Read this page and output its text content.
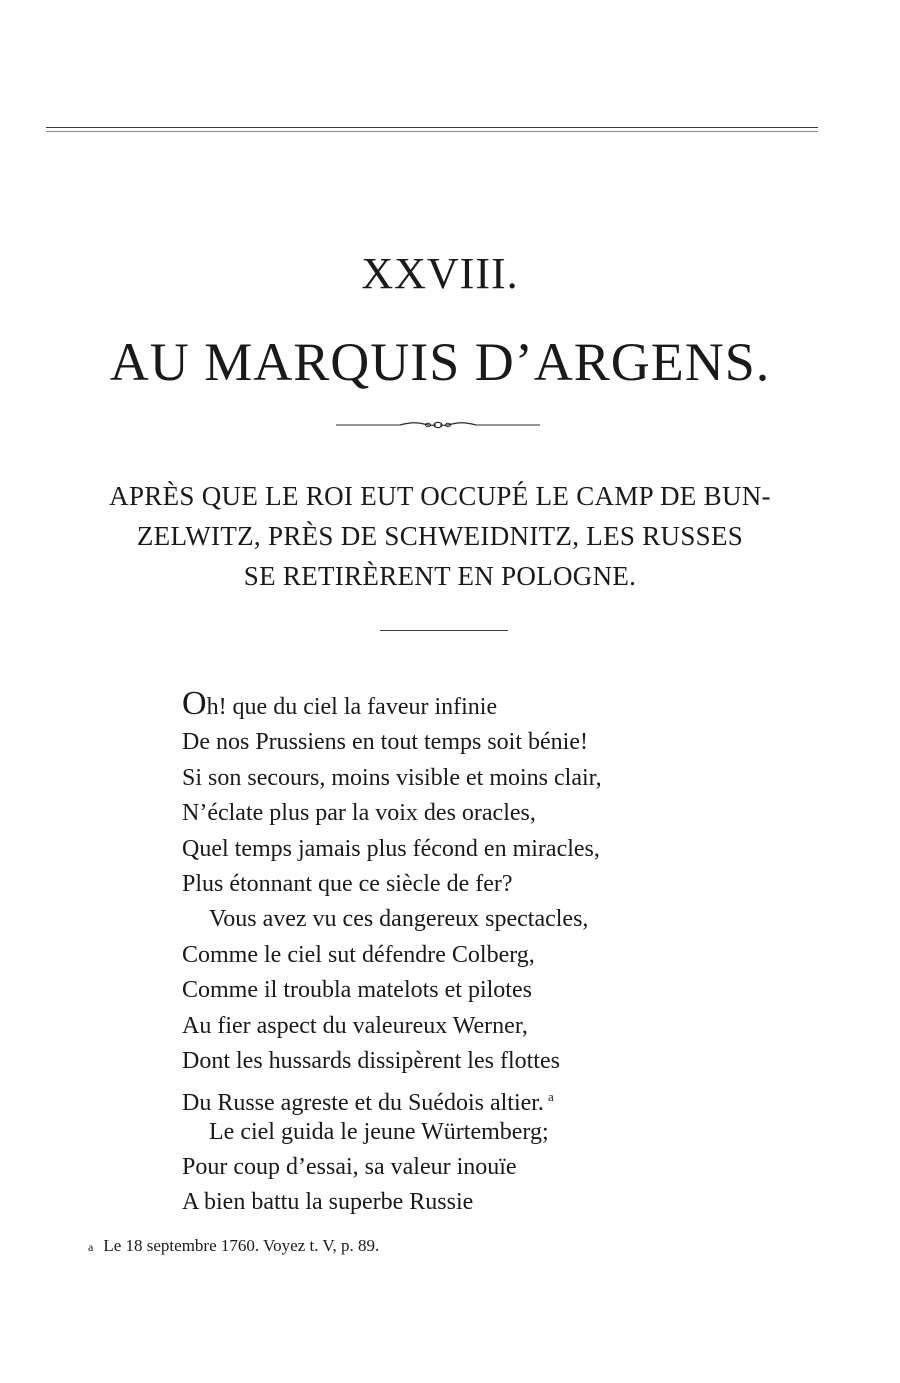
XXVIII.
AU MARQUIS D’ARGENS.
APRÈS QUE LE ROI EUT OCCUPÉ LE CAMP DE BUN-
ZELWITZ, PRÈS DE SCHWEIDNITZ, LES RUSSES
SE RETIRÈRENT EN POLOGNE.
Oh! que du ciel la faveur infinie
De nos Prussiens en tout temps soit bénie!
Si son secours, moins visible et moins clair,
N’éclate plus par la voix des oracles,
Quel temps jamais plus fécond en miracles,
Plus étonnant que ce siècle de fer?
Vous avez vu ces dangereux spectacles,
Comme le ciel sut défendre Colberg,
Comme il troubla matelots et pilotes
Au fier aspect du valeureux Werner,
Dont les hussards dissipèrent les flottes
Du Russe agreste et du Suédois altier. $^a$
Le ciel guida le jeune Würtemberg;
Pour coup d’essai, sa valeur inouïe
A bien battu la superbe Russie
a Le 18 septembre 1760. Voyez t. V, p. 89.
